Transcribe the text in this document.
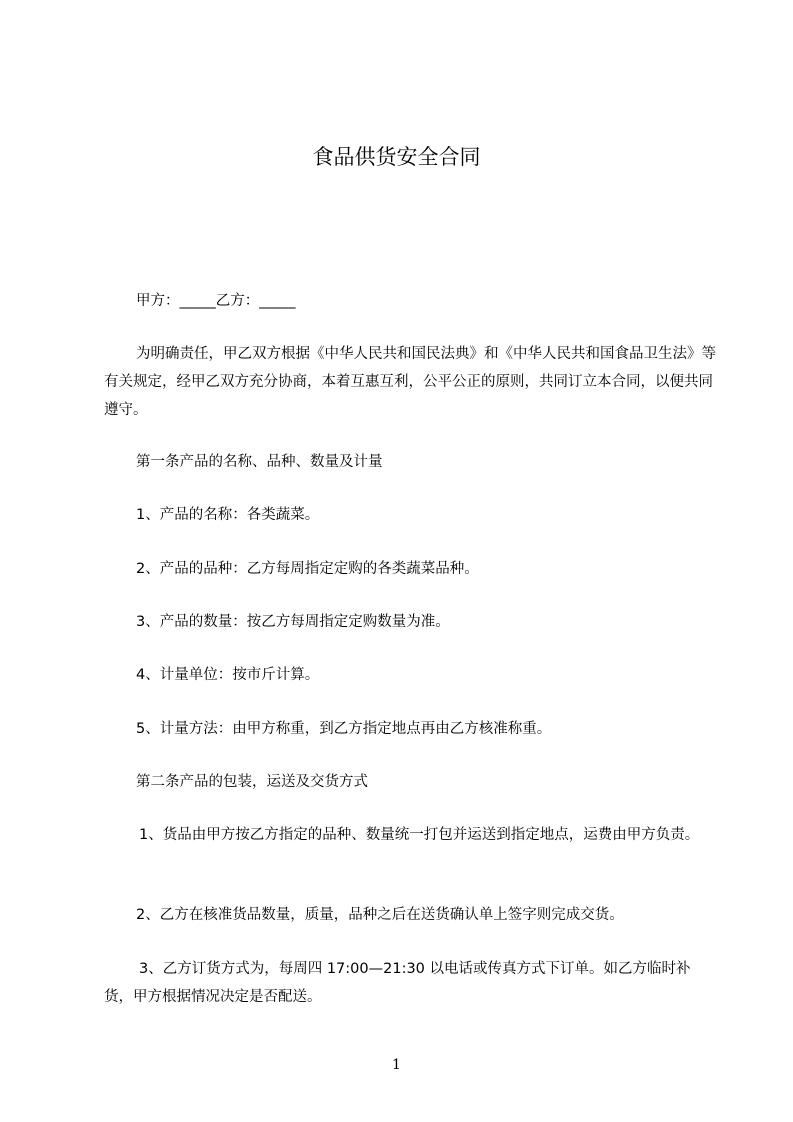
食品供货安全合同

甲方：_____乙方：_____

为明确责任，甲乙双方根据《中华人民共和国民法典》和《中华人民共和国食品卫生法》等有关规定，经甲乙双方充分协商，本着互惠互利，公平公正的原则，共同订立本合同，以便共同遵守。

第一条产品的名称、品种、数量及计量

1、产品的名称：各类蔬菜。

2、产品的品种：乙方每周指定定购的各类蔬菜品种。

3、产品的数量：按乙方每周指定定购数量为准。

4、计量单位：按市斤计算。

5、计量方法：由甲方称重，到乙方指定地点再由乙方核准称重。

第二条产品的包装，运送及交货方式

1、货品由甲方按乙方指定的品种、数量统一打包并运送到指定地点，运费由甲方负责。

2、乙方在核准货品数量，质量，品种之后在送货确认单上签字则完成交货。

3、乙方订货方式为，每周四 17:00—21:30 以电话或传真方式下订单。如乙方临时补货，甲方根据情况决定是否配送。

1
